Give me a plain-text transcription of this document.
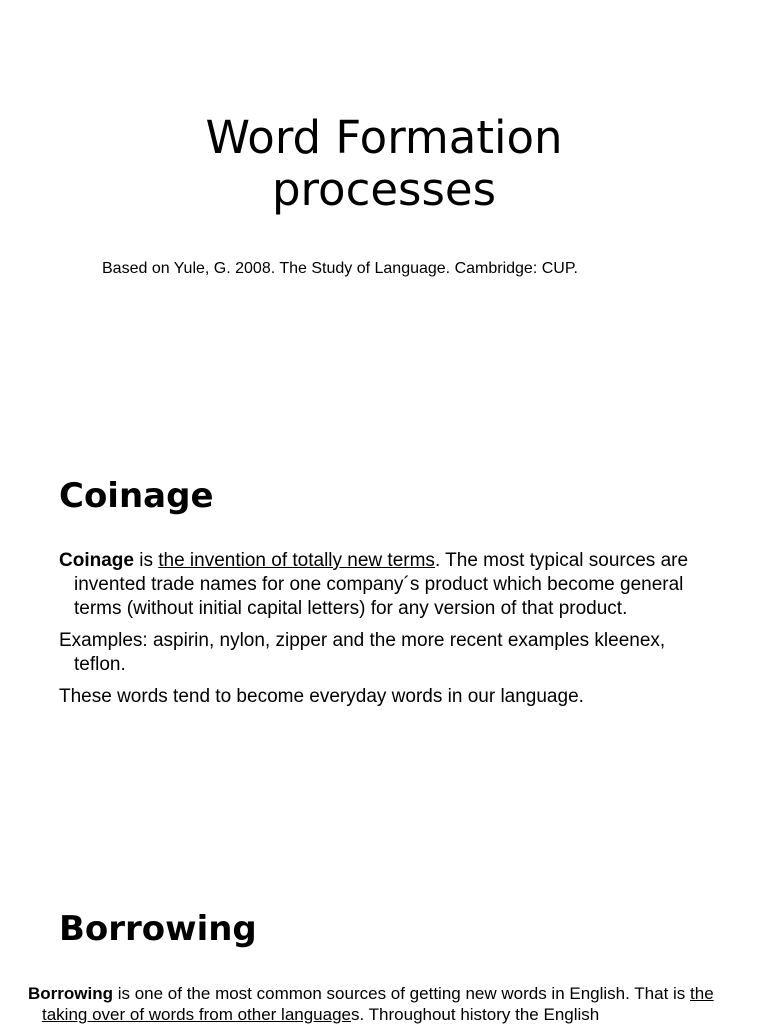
Word Formation
processes

Based on Yule, G. 2008. The Study of Language. Cambridge: CUP.

Coinage

Coinage is the invention of totally new terms. The most typical sources are invented trade names for one company´s product which become general terms (without initial capital letters) for any version of that product.

Examples: aspirin, nylon, zipper and the more recent examples kleenex, teflon.

These words tend to become everyday words in our language.

Borrowing

Borrowing is one of the most common sources of getting new words in English. That is the taking over of words from other languages. Throughout history the English
